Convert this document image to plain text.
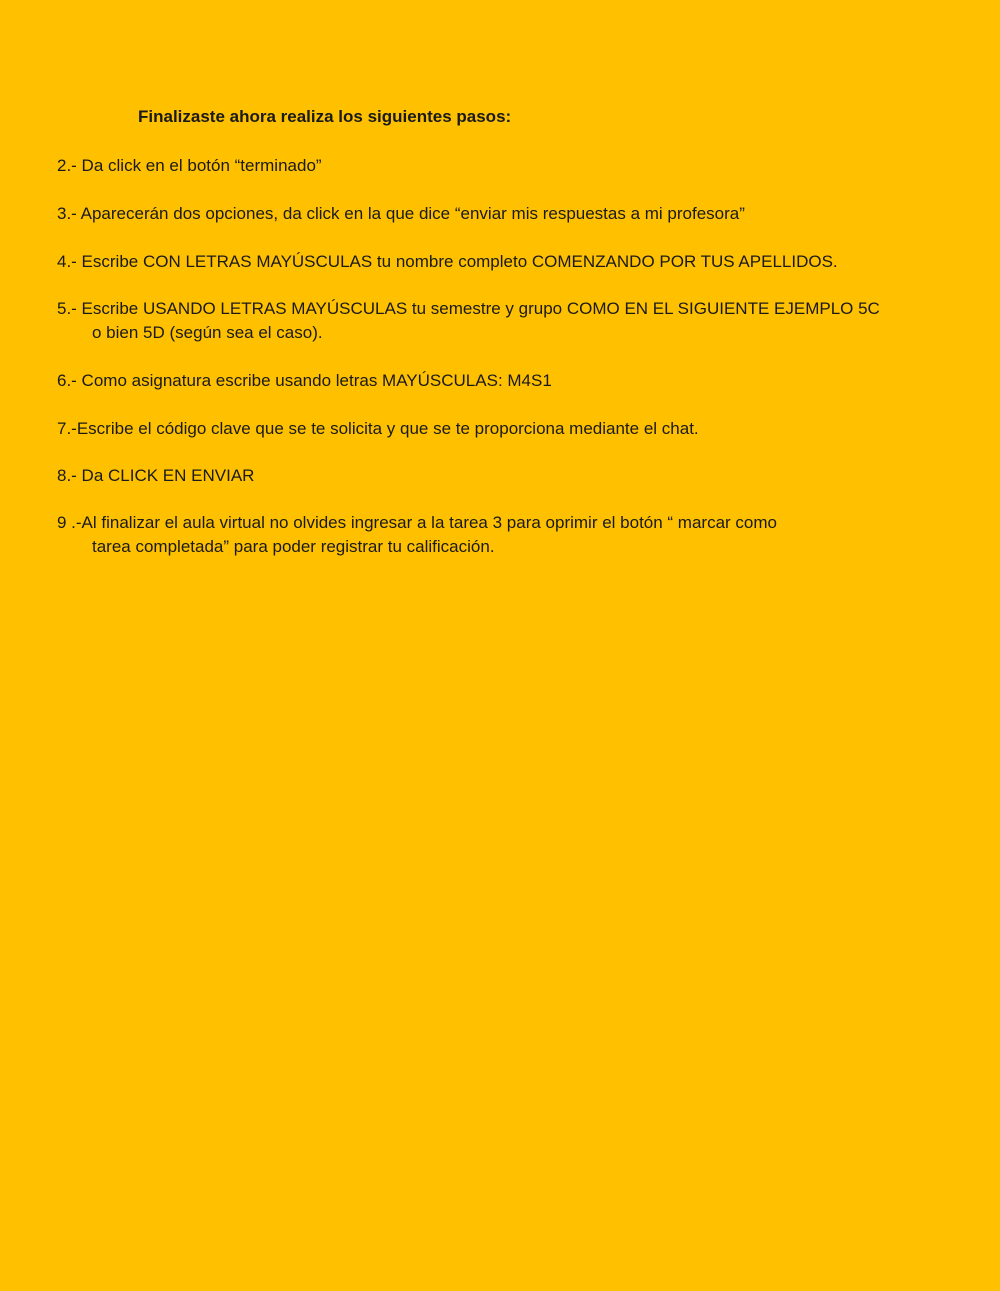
Finalizaste ahora realiza los siguientes pasos:
2.- Da click en el botón “terminado”
3.- Aparecerán dos opciones, da click en la que dice “enviar mis respuestas a mi profesora”
4.- Escribe CON LETRAS MAYÚSCULAS tu nombre completo COMENZANDO POR TUS APELLIDOS.
5.- Escribe USANDO LETRAS MAYÚSCULAS tu semestre y grupo COMO EN EL SIGUIENTE EJEMPLO 5C
o bien 5D (según sea el caso).
6.- Como asignatura escribe usando letras MAYÚSCULAS: M4S1
7.-Escribe el código clave que se te solicita y que se te proporciona mediante el chat.
8.- Da CLICK EN ENVIAR
9 .-Al finalizar el aula virtual no olvides ingresar a la tarea 3 para oprimir el botón “ marcar como
tarea completada” para poder registrar tu calificación.
